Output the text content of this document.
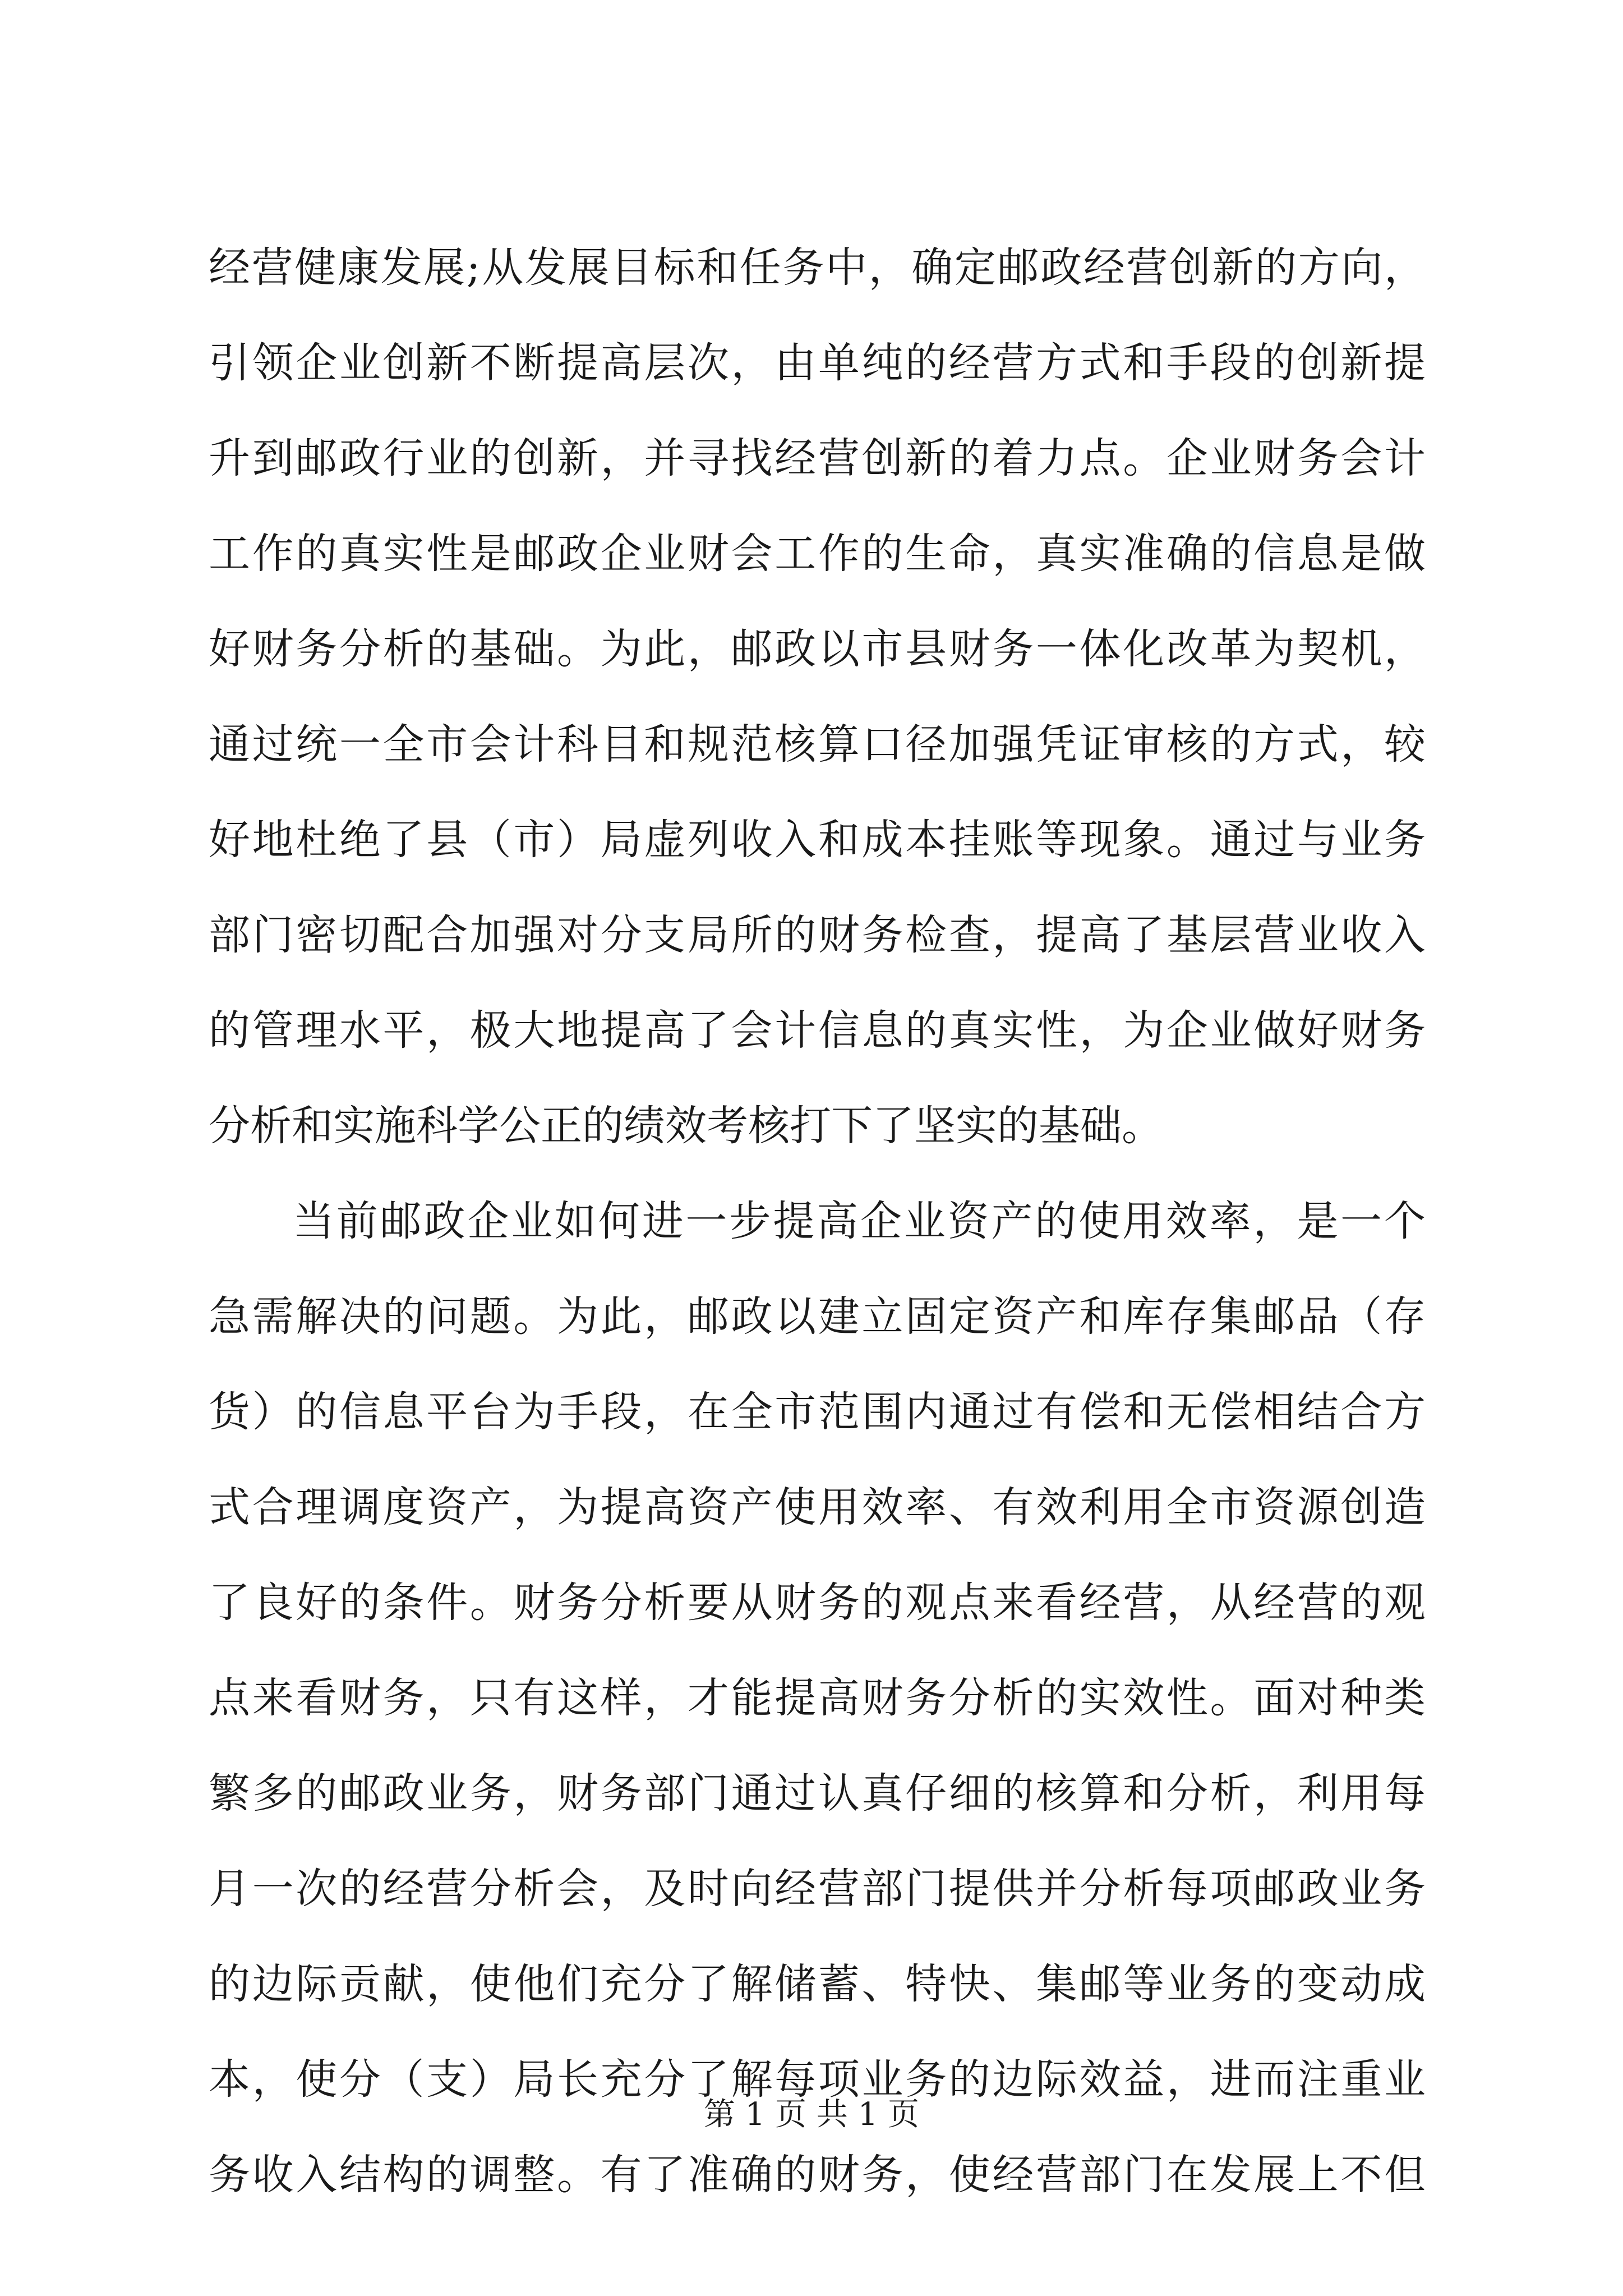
经营健康发展;从发展目标和任务中，确定邮政经营创新的方向，
引领企业创新不断提高层次，由单纯的经营方式和手段的创新提
升到邮政行业的创新，并寻找经营创新的着力点。企业财务会计
工作的真实性是邮政企业财会工作的生命，真实准确的信息是做
好财务分析的基础。为此，邮政以市县财务一体化改革为契机，
通过统一全市会计科目和规范核算口径加强凭证审核的方式，较
好地杜绝了县（市）局虚列收入和成本挂账等现象。通过与业务
部门密切配合加强对分支局所的财务检查，提高了基层营业收入
的管理水平，极大地提高了会计信息的真实性，为企业做好财务
分析和实施科学公正的绩效考核打下了坚实的基础。
当前邮政企业如何进一步提高企业资产的使用效率，是一个
急需解决的问题。为此，邮政以建立固定资产和库存集邮品（存
货）的信息平台为手段，在全市范围内通过有偿和无偿相结合方
式合理调度资产，为提高资产使用效率、有效利用全市资源创造
了良好的条件。财务分析要从财务的观点来看经营，从经营的观
点来看财务，只有这样，才能提高财务分析的实效性。面对种类
繁多的邮政业务，财务部门通过认真仔细的核算和分析，利用每
月一次的经营分析会，及时向经营部门提供并分析每项邮政业务
的边际贡献，使他们充分了解储蓄、特快、集邮等业务的变动成
本，使分（支）局长充分了解每项业务的边际效益，进而注重业
务收入结构的调整。有了准确的财务，使经营部门在发展上不但
第 1 页 共 1 页
